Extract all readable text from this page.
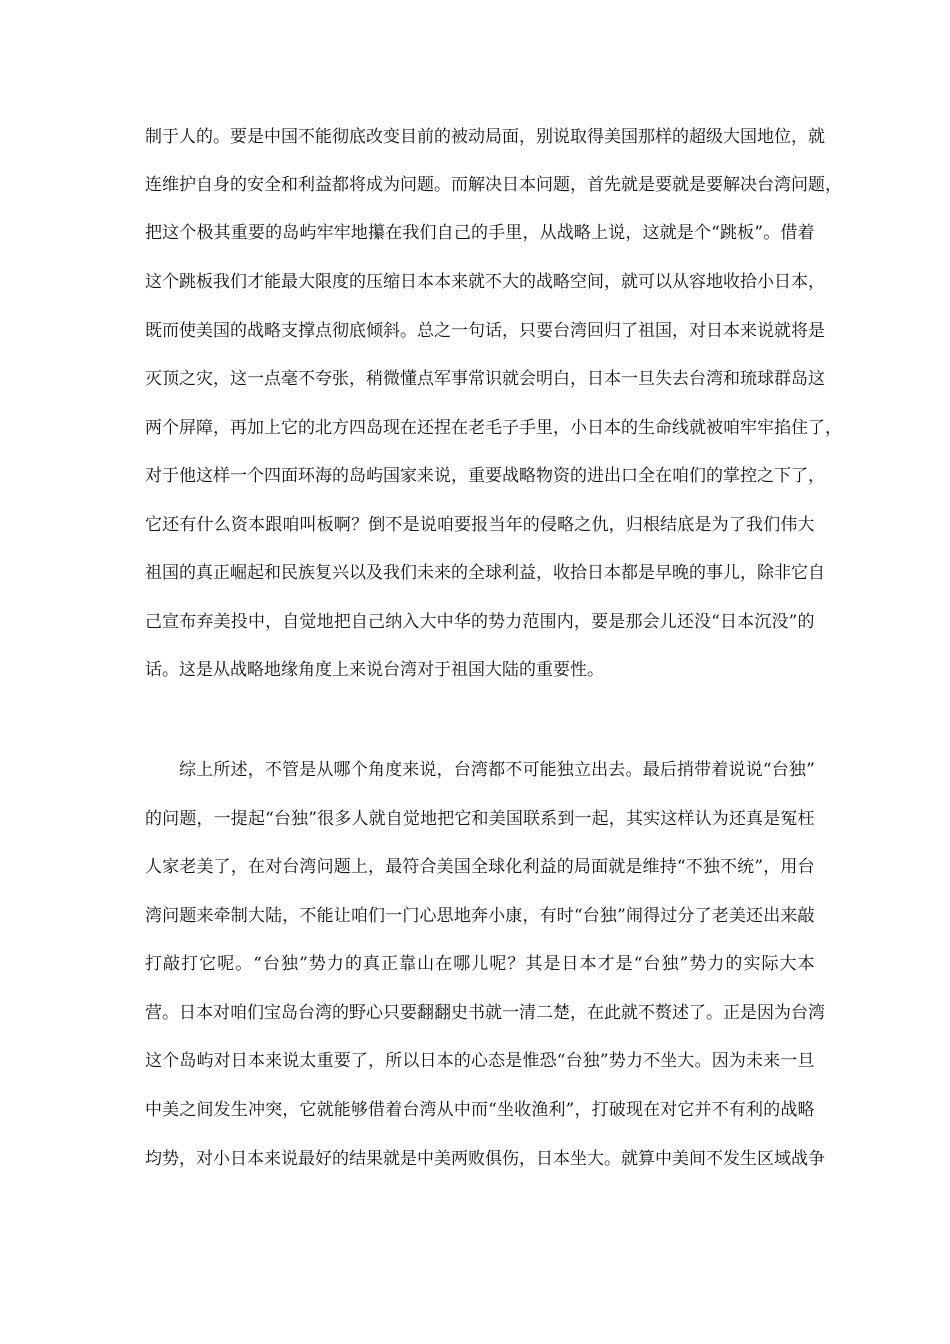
制 于 人 的 。 要 是 中 国 不 能 彻 底 改 变 目 前 的 被 动 局 面 ， 别 说 取 得 美 国 那 样 的 超 级 大 国 地 位 ， 就
连 维 护 自 身 的 安 全 和 利 益 都 将 成 为 问 题 。 而 解 决 日 本 问 题 ， 首 先 就 是 要 就 是 要 解 决 台 湾 问 题 ，
把 这 个 极 其 重 要 的 岛 屿 牢 牢 地 攥 在 我 们 自 己 的 手 里 ， 从 战 略 上 说 ， 这 就 是 个 “ 跳 板 ” 。 借 着
这 个 跳 板 我 们 才 能 最 大 限 度 的 压 缩 日 本 本 来 就 不 大 的 战 略 空 间 ， 就 可 以 从 容 地 收 拾 小 日 本 ，
既 而 使 美 国 的 战 略 支 撑 点 彻 底 倾 斜 。 总 之 一 句 话 ， 只 要 台 湾 回 归 了 祖 国 ， 对 日 本 来 说 就 将 是
灭 顶 之 灾 ， 这 一 点 毫 不 夸 张 ， 稍 微 懂 点 军 事 常 识 就 会 明 白 ， 日 本 一 旦 失 去 台 湾 和 琉 球 群 岛 这
两 个 屏 障 ， 再 加 上 它 的 北 方 四 岛 现 在 还 捏 在 老 毛 子 手 里 ， 小 日 本 的 生 命 线 就 被 咱 牢 牢 掐 住 了 ，
对 于 他 这 样 一 个 四 面 环 海 的 岛 屿 国 家 来 说 ， 重 要 战 略 物 资 的 进 出 口 全 在 咱 们 的 掌 控 之 下 了 ，
它 还 有 什 么 资 本 跟 咱 叫 板 啊 ？ 倒 不 是 说 咱 要 报 当 年 的 侵 略 之 仇 ， 归 根 结 底 是 为 了 我 们 伟 大
祖 国 的 真 正 崛 起 和 民 族 复 兴 以 及 我 们 未 来 的 全 球 利 益 ， 收 拾 日 本 都 是 早 晚 的 事 儿 ， 除 非 它 自
己 宣 布 弃 美 投 中 ， 自 觉 地 把 自 己 纳 入 大 中 华 的 势 力 范 围 内 ， 要 是 那 会 儿 还 没 “ 日 本 沉 没 ” 的
话。这是从战略地缘角度上来说台湾对于祖国大陆的重要性。
综 上 所 述 ， 不 管 是 从 哪 个 角 度 来 说 ， 台 湾 都 不 可 能 独 立 出 去 。 最 后 捎 带 着 说 说 “ 台 独 ”
的 问 题 ， 一 提 起 “ 台 独 ” 很 多 人 就 自 觉 地 把 它 和 美 国 联 系 到 一 起 ， 其 实 这 样 认 为 还 真 是 冤 枉
人 家 老 美 了 ， 在 对 台 湾 问 题 上 ， 最 符 合 美 国 全 球 化 利 益 的 局 面 就 是 维 持 “ 不 独 不 统 ” ， 用 台
湾 问 题 来 牵 制 大 陆 ， 不 能 让 咱 们 一 门 心 思 地 奔 小 康 ， 有 时 “ 台 独 ” 闹 得 过 分 了 老 美 还 出 来 敲
打 敲 打 它 呢 。 “ 台 独 ” 势 力 的 真 正 靠 山 在 哪 儿 呢 ？ 其 是 日 本 才 是 “ 台 独 ” 势 力 的 实 际 大 本
营 。 日 本 对 咱 们 宝 岛 台 湾 的 野 心 只 要 翻 翻 史 书 就 一 清 二 楚 ， 在 此 就 不 赘 述 了 。 正 是 因 为 台 湾
这 个 岛 屿 对 日 本 来 说 太 重 要 了 ， 所 以 日 本 的 心 态 是 惟 恐 “ 台 独 ” 势 力 不 坐 大 。 因 为 未 来 一 旦
中 美 之 间 发 生 冲 突 ， 它 就 能 够 借 着 台 湾 从 中 而 “ 坐 收 渔 利 ” ， 打 破 现 在 对 它 并 不 有 利 的 战 略
均 势 ， 对 小 日 本 来 说 最 好 的 结 果 就 是 中 美 两 败 俱 伤 ， 日 本 坐 大 。 就 算 中 美 间 不 发 生 区 域 战 争
